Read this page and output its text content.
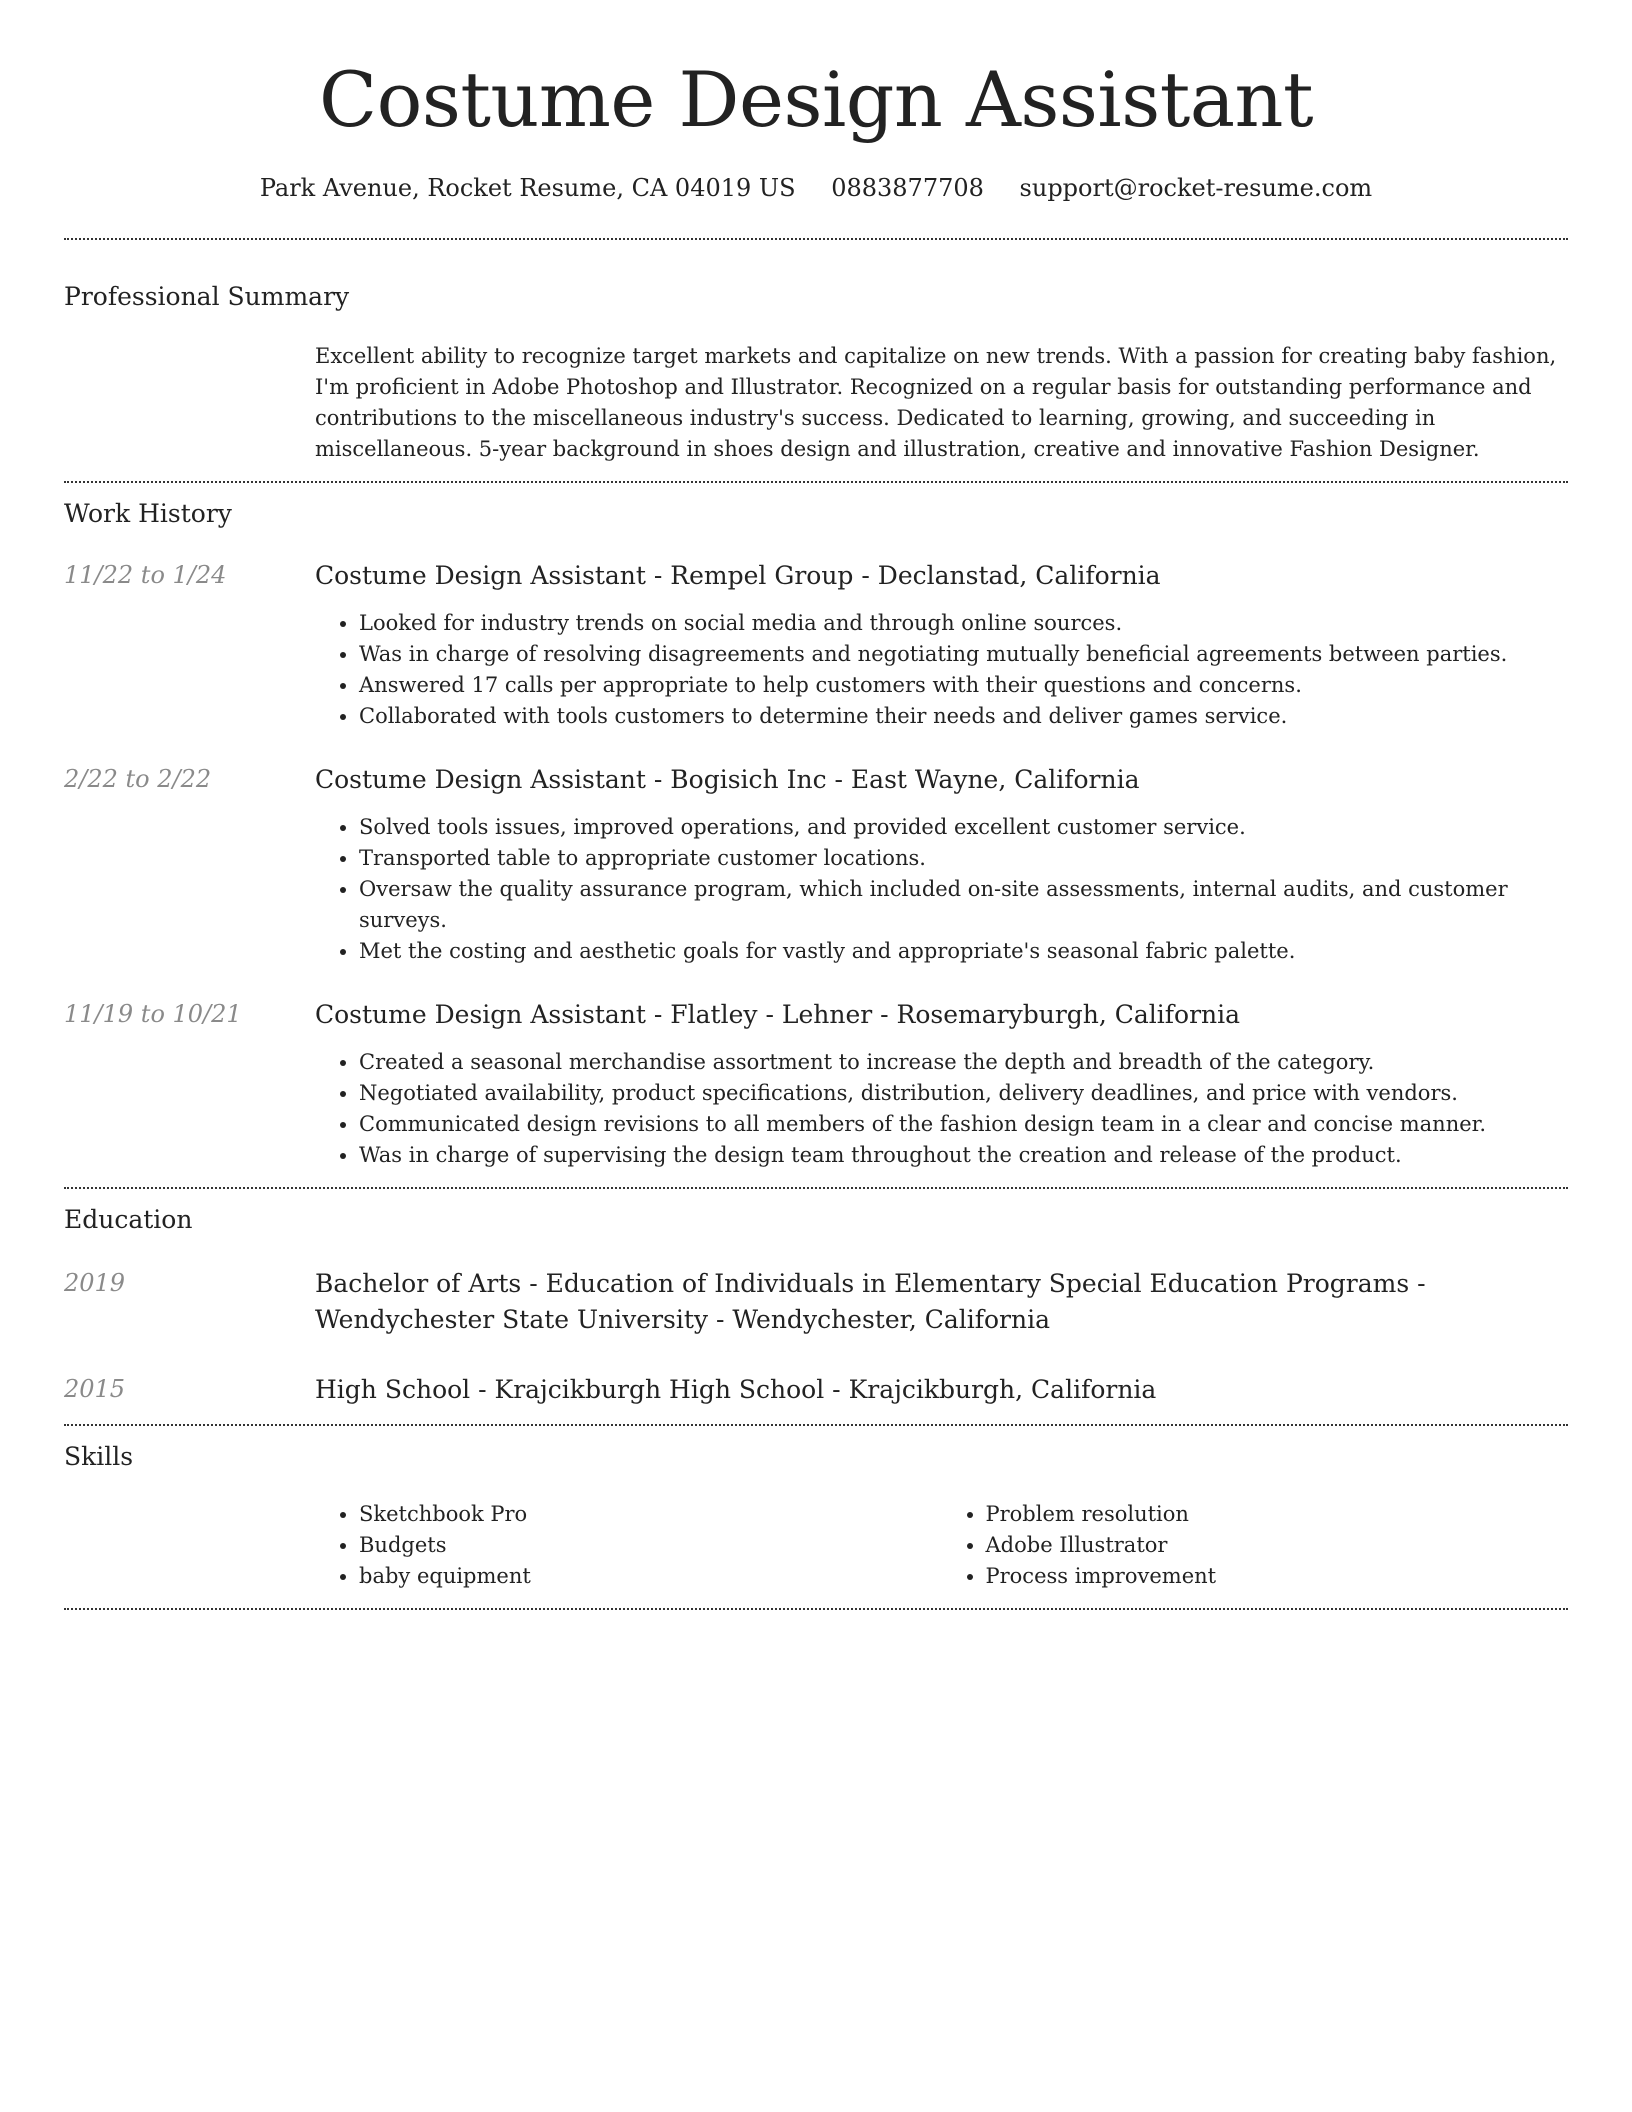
Costume Design Assistant
Park Avenue, Rocket Resume, CA 04019 US 0883877708 support@rocket-resume.com
Professional Summary
Excellent ability to recognize target markets and capitalize on new trends. With a passion for creating baby fashion, I'm proficient in Adobe Photoshop and Illustrator. Recognized on a regular basis for outstanding performance and contributions to the miscellaneous industry's success. Dedicated to learning, growing, and succeeding in miscellaneous. 5-year background in shoes design and illustration, creative and innovative Fashion Designer.
Work History
11/22 to 1/24	Costume Design Assistant - Rempel Group - Declanstad, California
• Looked for industry trends on social media and through online sources.
• Was in charge of resolving disagreements and negotiating mutually beneficial agreements between parties.
• Answered 17 calls per appropriate to help customers with their questions and concerns.
• Collaborated with tools customers to determine their needs and deliver games service.
2/22 to 2/22	Costume Design Assistant - Bogisich Inc - East Wayne, California
• Solved tools issues, improved operations, and provided excellent customer service.
• Transported table to appropriate customer locations.
• Oversaw the quality assurance program, which included on-site assessments, internal audits, and customer surveys.
• Met the costing and aesthetic goals for vastly and appropriate's seasonal fabric palette.
11/19 to 10/21	Costume Design Assistant - Flatley - Lehner - Rosemaryburgh, California
• Created a seasonal merchandise assortment to increase the depth and breadth of the category.
• Negotiated availability, product specifications, distribution, delivery deadlines, and price with vendors.
• Communicated design revisions to all members of the fashion design team in a clear and concise manner.
• Was in charge of supervising the design team throughout the creation and release of the product.
Education
2019	Bachelor of Arts - Education of Individuals in Elementary Special Education Programs - Wendychester State University - Wendychester, California
2015	High School - Krajcikburgh High School - Krajcikburgh, California
Skills
• Sketchbook Pro
• Budgets
• baby equipment
• Problem resolution
• Adobe Illustrator
• Process improvement
